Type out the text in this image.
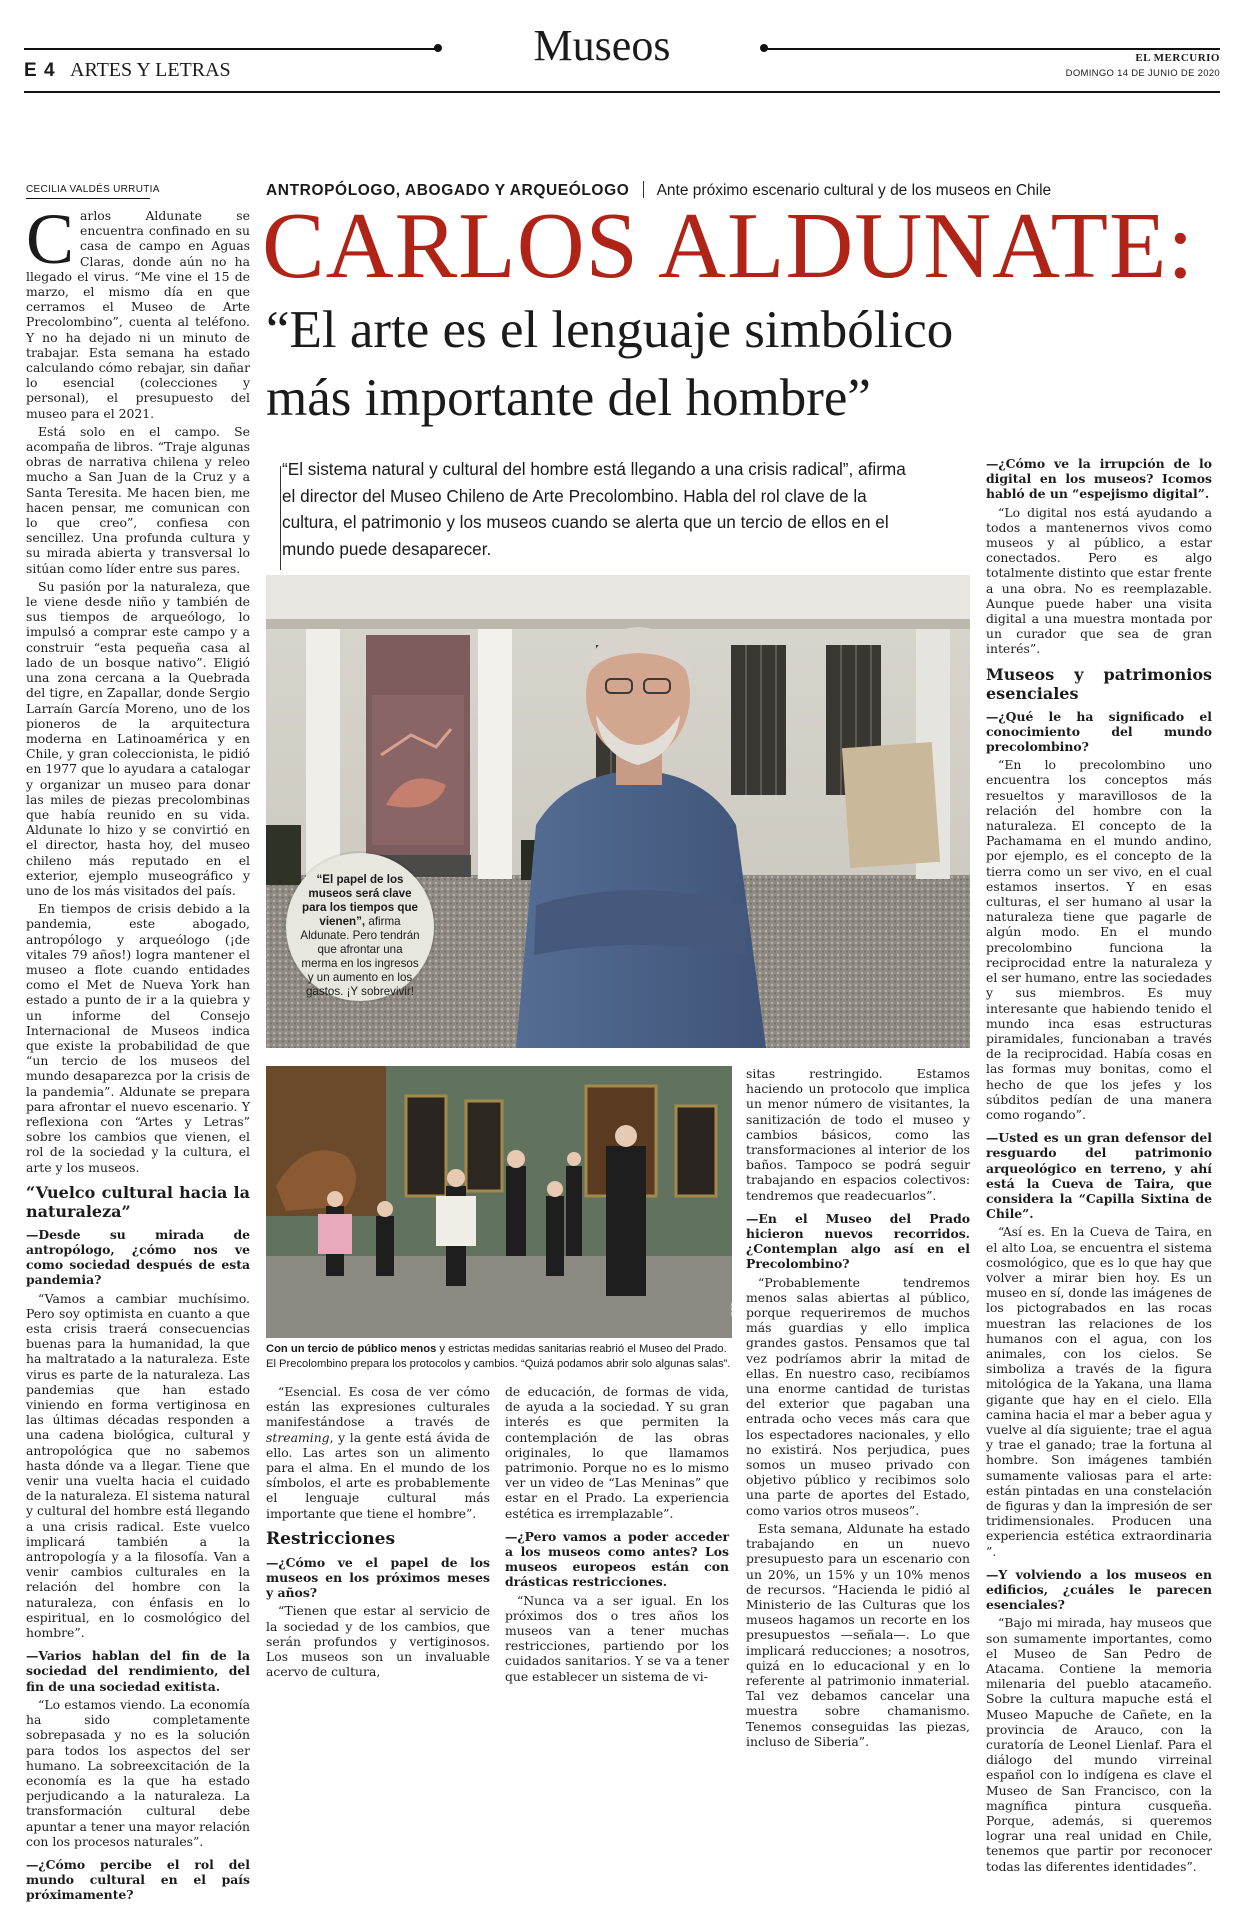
Museos
E 4 ARTES Y LETRAS
EL MERCURIO
DOMINGO 14 DE JUNIO DE 2020
CECILIA VALDÉS URRUTIA	ANTROPÓLOGO, ABOGADO Y ARQUEÓLOGO Ante próximo escenario cultural y de los museos en Chile
CARLOS ALDUNATE:
“El arte es el lenguaje simbólico
más importante del hombre”
“El sistema natural y cultural del hombre está llegando a una crisis radical”, afirma el director del Museo Chileno de Arte Precolombino. Habla del rol clave de la cultura, el patrimonio y los museos cuando se alerta que un tercio de ellos en el mundo puede desaparecer.
C arlos Aldunate se encuentra confinado en su casa de campo en Aguas Claras, donde aún no ha llegado el virus. “Me vine el 15 de marzo, el mismo día en que cerramos el Museo de Arte Precolombino”, cuenta al teléfono. Y no ha dejado ni un minuto de trabajar. Esta semana ha estado calculando cómo rebajar, sin dañar lo esencial (colecciones y personal), el presupuesto del museo para el 2021.

Está solo en el campo. Se acompaña de libros. “Traje algunas obras de narrativa chilena y releo mucho a San Juan de la Cruz y a Santa Teresita. Me hacen bien, me hacen pensar, me comunican con lo que creo”, confiesa con sencillez. Una profunda cultura y su mirada abierta y transversal lo sitúan como líder entre sus pares.

Su pasión por la naturaleza, que le viene desde niño y también de sus tiempos de arqueólogo, lo impulsó a comprar este campo y a construir “esta pequeña casa al lado de un bosque nativo”. Eligió una zona cercana a la Quebrada del tigre, en Zapallar, donde Sergio Larraín García Moreno, uno de los pioneros de la arquitectura moderna en Latinoamérica y en Chile, y gran coleccionista, le pidió en 1977 que lo ayudara a catalogar y organizar un museo para donar las miles de piezas precolombinas que había reunido en su vida. Aldunate lo hizo y se convirtió en el director, hasta hoy, del museo chileno más reputado en el exterior, ejemplo museográfico y uno de los más visitados del país.

En tiempos de crisis debido a la pandemia, este abogado, antropólogo y arqueólogo (¡de vitales 79 años!) logra mantener el museo a flote cuando entidades como el Met de Nueva York han estado a punto de ir a la quiebra y un informe del Consejo Internacional de Museos indica que existe la probabilidad de que “un tercio de los museos del mundo desaparezca por la crisis de la pandemia”. Aldunate se prepara para afrontar el nuevo escenario. Y reflexiona con “Artes y Letras” sobre los cambios que vienen, el rol de la sociedad y la cultura, el arte y los museos.

“Vuelco cultural hacia la naturaleza”

—Desde su mirada de antropólogo, ¿cómo nos ve como sociedad después de esta pandemia?

“Vamos a cambiar muchísimo. Pero soy optimista en cuanto a que esta crisis traerá consecuencias buenas para la humanidad, la que ha maltratado a la naturaleza. Este virus es parte de la naturaleza. Las pandemias que han estado viniendo en forma vertiginosa en las últimas décadas responden a una cadena biológica, cultural y antropológica que no sabemos hasta dónde va a llegar. Tiene que venir una vuelta hacia el cuidado de la naturaleza. El sistema natural y cultural del hombre está llegando a una crisis radical. Este vuelco implicará también a la antropología y a la filosofía. Van a venir cambios culturales en la relación del hombre con la naturaleza, con énfasis en lo espiritual, en lo cosmológico del hombre”.

—Varios hablan del fin de la sociedad del rendimiento, del fin de una sociedad exitista.

“Lo estamos viendo. La economía ha sido completamente sobrepasada y no es la solución para todos los aspectos del ser humano. La sobreexcitación de la economía es la que ha estado perjudicando a la naturaleza. La transformación cultural debe apuntar a tener una mayor relación con los procesos naturales”.

—¿Cómo percibe el rol del mundo cultural en el país próximamente?

CHRISTIAN IGLESIAS
“El papel de los museos será clave para los tiempos que vienen”, afirma Aldunate. Pero tendrán que afrontar una merma en los ingresos y un aumento en los gastos. ¡Y sobrevivir!
EFE
Con un tercio de público menos y estrictas medidas sanitarias reabrió el Museo del Prado. El Precolombino prepara los protocolos y cambios. “Quizá podamos abrir solo algunas salas”.

“Esencial. Es cosa de ver cómo están las expresiones culturales manifestándose a través de streaming, y la gente está ávida de ello. Las artes son un alimento para el alma. En el mundo de los símbolos, el arte es probablemente el lenguaje cultural más importante que tiene el hombre”.

Restricciones

—¿Cómo ve el papel de los museos en los próximos meses y años?

“Tienen que estar al servicio de la sociedad y de los cambios, que serán profundos y vertiginosos. Los museos son un invaluable acervo de cultura,

de educación, de formas de vida, de ayuda a la sociedad. Y su gran interés es que permiten la contemplación de las obras originales, lo que llamamos patrimonio. Porque no es lo mismo ver un video de “Las Meninas” que estar en el Prado. La experiencia estética es irremplazable”.

—¿Pero vamos a poder acceder a los museos como antes? Los museos europeos están con drásticas restricciones.

“Nunca va a ser igual. En los próximos dos o tres años los museos van a tener muchas restricciones, partiendo por los cuidados sanitarios. Y se va a tener que establecer un sistema de vi-

sitas restringido. Estamos haciendo un protocolo que implica un menor número de visitantes, la sanitización de todo el museo y cambios básicos, como las transformaciones al interior de los baños. Tampoco se podrá seguir trabajando en espacios colectivos: tendremos que readecuarlos”.

—En el Museo del Prado hicieron nuevos recorridos. ¿Contemplan algo así en el Precolombino?

“Probablemente tendremos menos salas abiertas al público, porque requeriremos de muchos más guardias y ello implica grandes gastos. Pensamos que tal vez podríamos abrir la mitad de ellas. En nuestro caso, recibíamos una enorme cantidad de turistas del exterior que pagaban una entrada ocho veces más cara que los espectadores nacionales, y ello no existirá. Nos perjudica, pues somos un museo privado con objetivo público y recibimos solo una parte de aportes del Estado, como varios otros museos”.

Esta semana, Aldunate ha estado trabajando en un nuevo presupuesto para un escenario con un 20%, un 15% y un 10% menos de recursos. “Hacienda le pidió al Ministerio de las Culturas que los museos hagamos un recorte en los presupuestos —señala—. Lo que implicará reducciones; a nosotros, quizá en lo educacional y en lo referente al patrimonio inmaterial. Tal vez debamos cancelar una muestra sobre chamanismo. Tenemos conseguidas las piezas, incluso de Siberia”.

—¿Cómo ve la irrupción de lo digital en los museos? Icomos habló de un “espejismo digital”.

“Lo digital nos está ayudando a todos a mantenernos vivos como museos y al público, a estar conectados. Pero es algo totalmente distinto que estar frente a una obra. No es reemplazable. Aunque puede haber una visita digital a una muestra montada por un curador que sea de gran interés”.

Museos y patrimonios esenciales

—¿Qué le ha significado el conocimiento del mundo precolombino?

“En lo precolombino uno encuentra los conceptos más resueltos y maravillosos de la relación del hombre con la naturaleza. El concepto de la Pachamama en el mundo andino, por ejemplo, es el concepto de la tierra como un ser vivo, en el cual estamos insertos. Y en esas culturas, el ser humano al usar la naturaleza tiene que pagarle de algún modo. En el mundo precolombino funciona la reciprocidad entre la naturaleza y el ser humano, entre las sociedades y sus miembros. Es muy interesante que habiendo tenido el mundo inca esas estructuras piramidales, funcionaban a través de la reciprocidad. Había cosas en las formas muy bonitas, como el hecho de que los jefes y los súbditos pedían de una manera como rogando”.

—Usted es un gran defensor del resguardo del patrimonio arqueológico en terreno, y ahí está la Cueva de Taira, que considera la “Capilla Sixtina de Chile”.

“Así es. En la Cueva de Taira, en el alto Loa, se encuentra el sistema cosmológico, que es lo que hay que volver a mirar bien hoy. Es un museo en sí, donde las imágenes de los pictograbados en las rocas muestran las relaciones de los humanos con el agua, con los animales, con los cielos. Se simboliza a través de la figura mitológica de la Yakana, una llama gigante que hay en el cielo. Ella camina hacia el mar a beber agua y vuelve al día siguiente; trae el agua y trae el ganado; trae la fortuna al hombre. Son imágenes también sumamente valiosas para el arte: están pintadas en una constelación de figuras y dan la impresión de ser tridimensionales. Producen una experiencia estética extraordinaria ”.

—Y volviendo a los museos en edificios, ¿cuáles le parecen esenciales?

“Bajo mi mirada, hay museos que son sumamente importantes, como el Museo de San Pedro de Atacama. Contiene la memoria milenaria del pueblo atacameño. Sobre la cultura mapuche está el Museo Mapuche de Cañete, en la provincia de Arauco, con la curatoría de Leonel Lienlaf. Para el diálogo del mundo virreinal español con lo indígena es clave el Museo de San Francisco, con la magnífica pintura cusqueña. Porque, además, si queremos lograr una real unidad en Chile, tenemos que partir por reconocer todas las diferentes identidades”.
